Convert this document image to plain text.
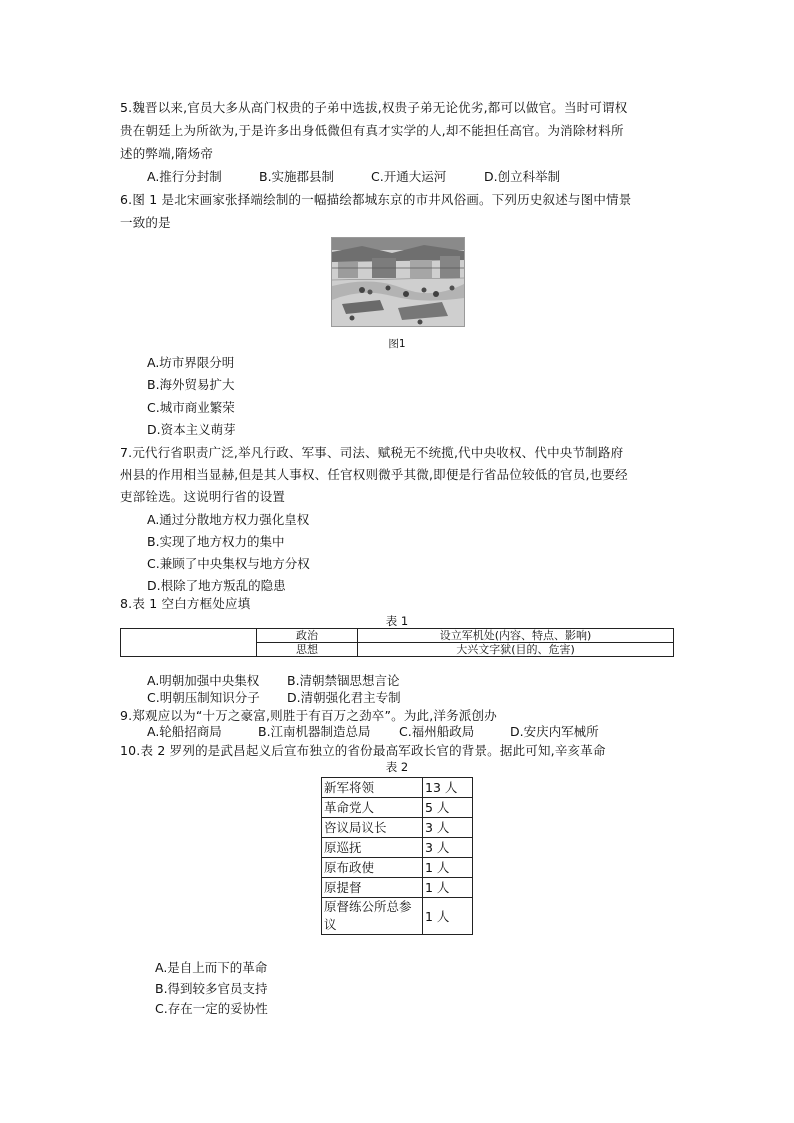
5.魏晋以来,官员大多从高门权贵的子弟中选拔,权贵子弟无论优劣,都可以做官。当时可谓权
贵在朝廷上为所欲为,于是许多出身低微但有真才实学的人,却不能担任高官。为消除材料所
述的弊端,隋炀帝
A.推行分封制	B.实施郡县制	C.开通大运河	D.创立科举制
6.图 1 是北宋画家张择端绘制的一幅描绘都城东京的市井风俗画。下列历史叙述与图中情景
一致的是
图1
A.坊市界限分明
B.海外贸易扩大
C.城市商业繁荣
D.资本主义萌芽
7.元代行省职责广泛,举凡行政、军事、司法、赋税无不统揽,代中央收权、代中央节制路府
州县的作用相当显赫,但是其人事权、任官权则微乎其微,即便是行省品位较低的官员,也要经
吏部铨选。这说明行省的设置
A.通过分散地方权力强化皇权
B.实现了地方权力的集中
C.兼顾了中央集权与地方分权
D.根除了地方叛乱的隐患
8.表 1 空白方框处应填
表 1
	政治	设立军机处(内容、特点、影响)
	思想	大兴文字狱(目的、危害)
A.明朝加强中央集权 B.清朝禁锢思想言论
C.明朝压制知识分子 D.清朝强化君主专制
9.郑观应以为“十万之豪富,则胜于有百万之劲卒”。为此,洋务派创办
A.轮船招商局	B.江南机器制造总局 C.福州船政局	D.安庆内军械所
10.表 2 罗列的是武昌起义后宣布独立的省份最高军政长官的背景。据此可知,辛亥革命
表 2
新军将领	13 人
革命党人	5 人
咨议局议长	3 人
原巡抚	3 人
原布政使	1 人
原提督	1 人
原督练公所总参议	1 人
A.是自上而下的革命
B.得到较多官员支持
C.存在一定的妥协性
